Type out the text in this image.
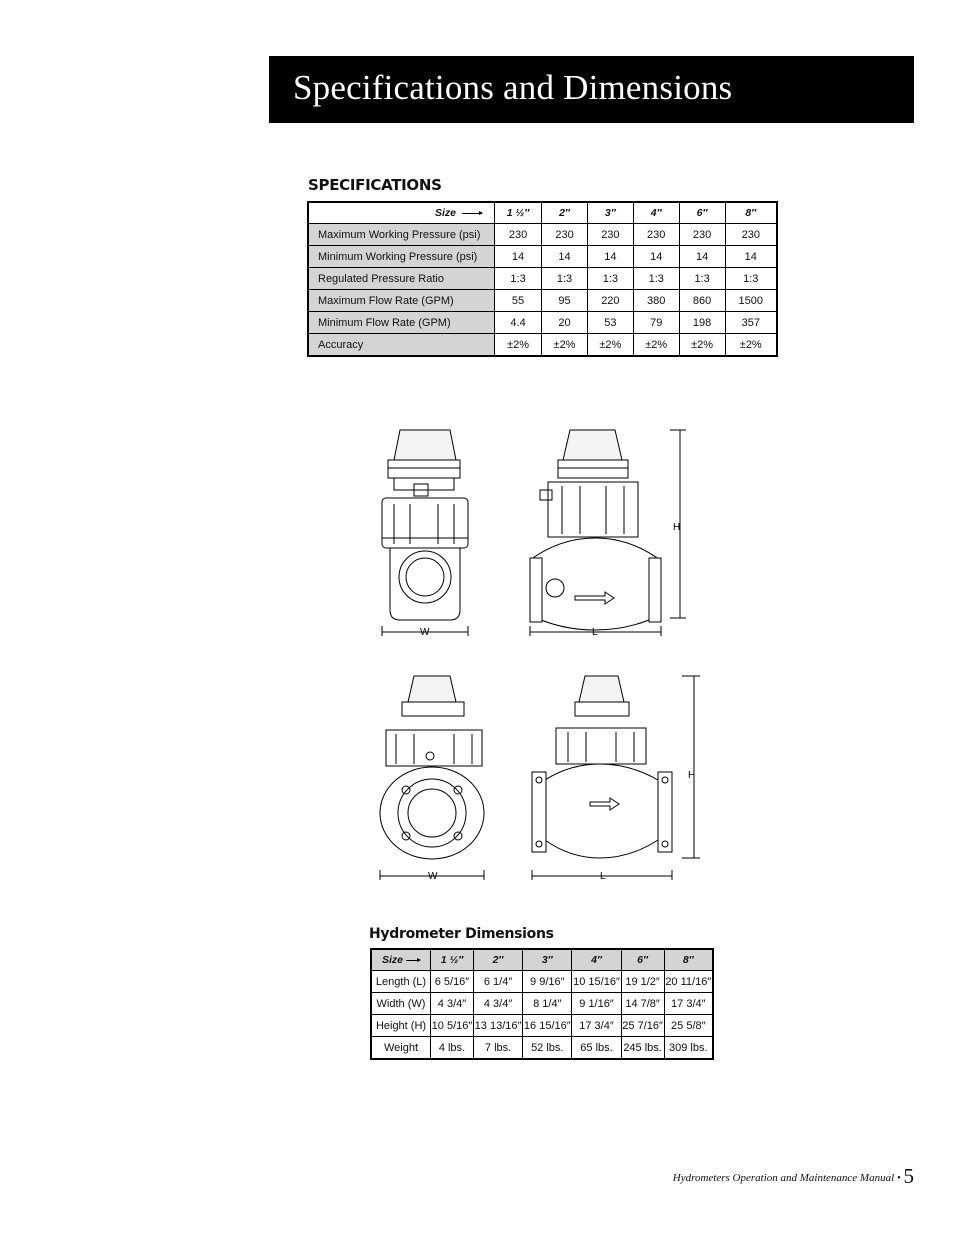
Specifications and Dimensions
SPECIFICATIONS
Size	1 ½″	2″	3″	4″	6″	8″
Maximum Working Pressure (psi)	230	230	230	230	230	230
Minimum Working Pressure (psi)	14	14	14	14	14	14
Regulated Pressure Ratio	1:3	1:3	1:3	1:3	1:3	1:3
Maximum Flow Rate (GPM)	55	95	220	380	860	1500
Minimum Flow Rate (GPM)	4.4	20	53	79	198	357
Accuracy	±2%	±2%	±2%	±2%	±2%	±2%
W	L
H
W	L
H
Hydrometer Dimensions
Size	1 ½″	2″	3″	4″	6″	8″
Length (L)	6 5/16″	6 1/4″	9 9/16″	10 15/16″	19 1/2″	20 11/16″
Width (W)	4 3/4″	4 3/4″	8 1/4″	9 1/16″	14 7/8″	17 3/4″
Height (H)	10 5/16″	13 13/16″	16 15/16″	17 3/4″	25 7/16″	25 5/8″
Weight	4 lbs.	7 lbs.	52 lbs.	65 lbs.	245 lbs.	309 lbs.
Hydrometers Operation and Maintenance Manual • 5
